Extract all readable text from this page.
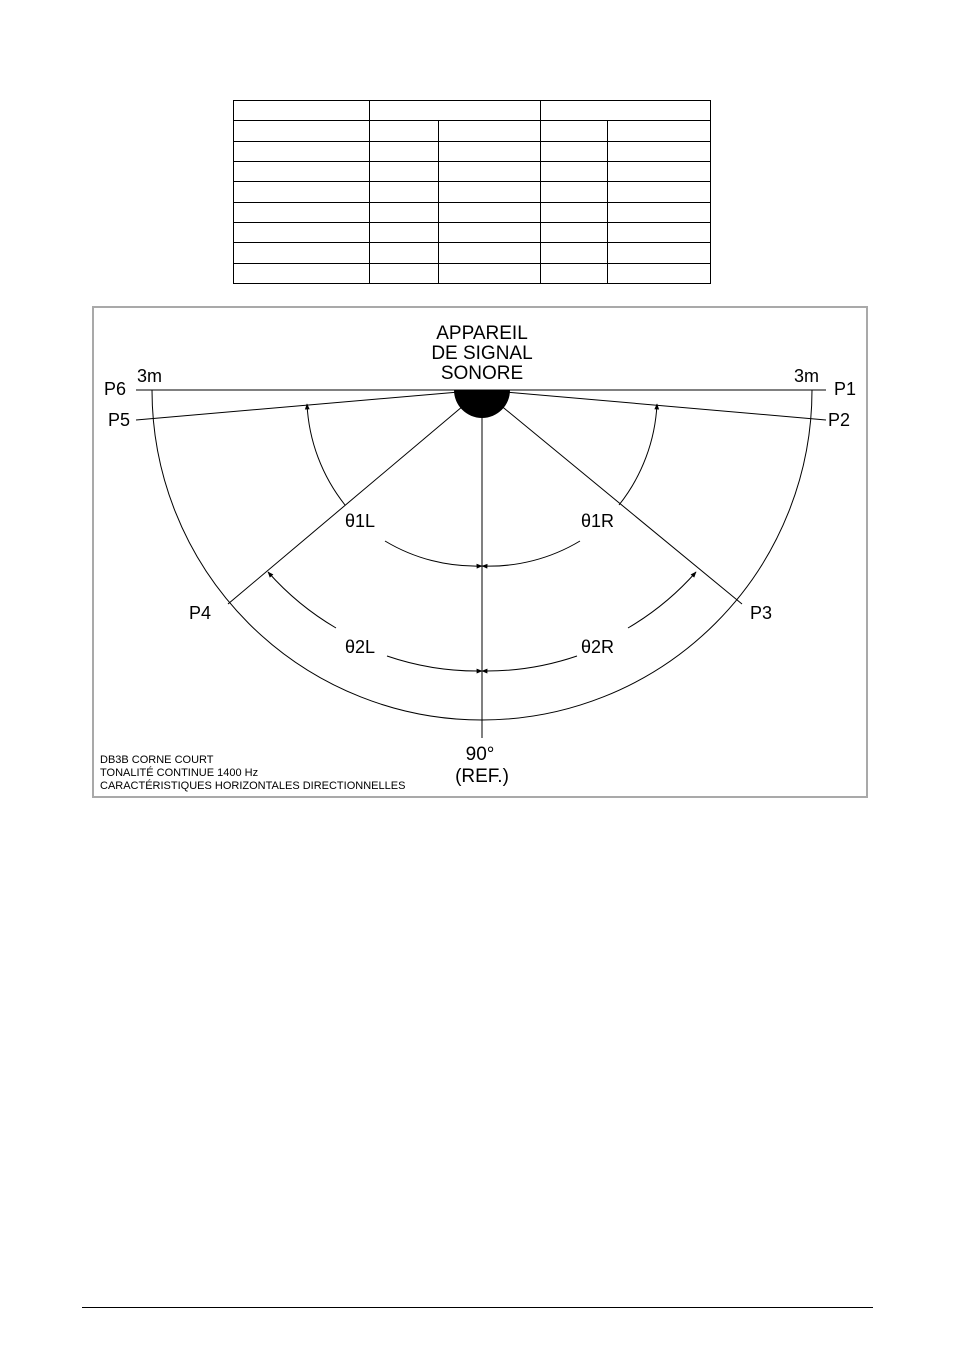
APPAREIL
DE SIGNAL
SONORE
3m	3m
P6	P1
P5	P2
P4	P3
θ1L	θ1R
θ2L	θ2R
90°
(REF.)
DB3B CORNE COURT
TONALITÉ CONTINUE 1400 Hz
CARACTÉRISTIQUES HORIZONTALES DIRECTIONNELLES
